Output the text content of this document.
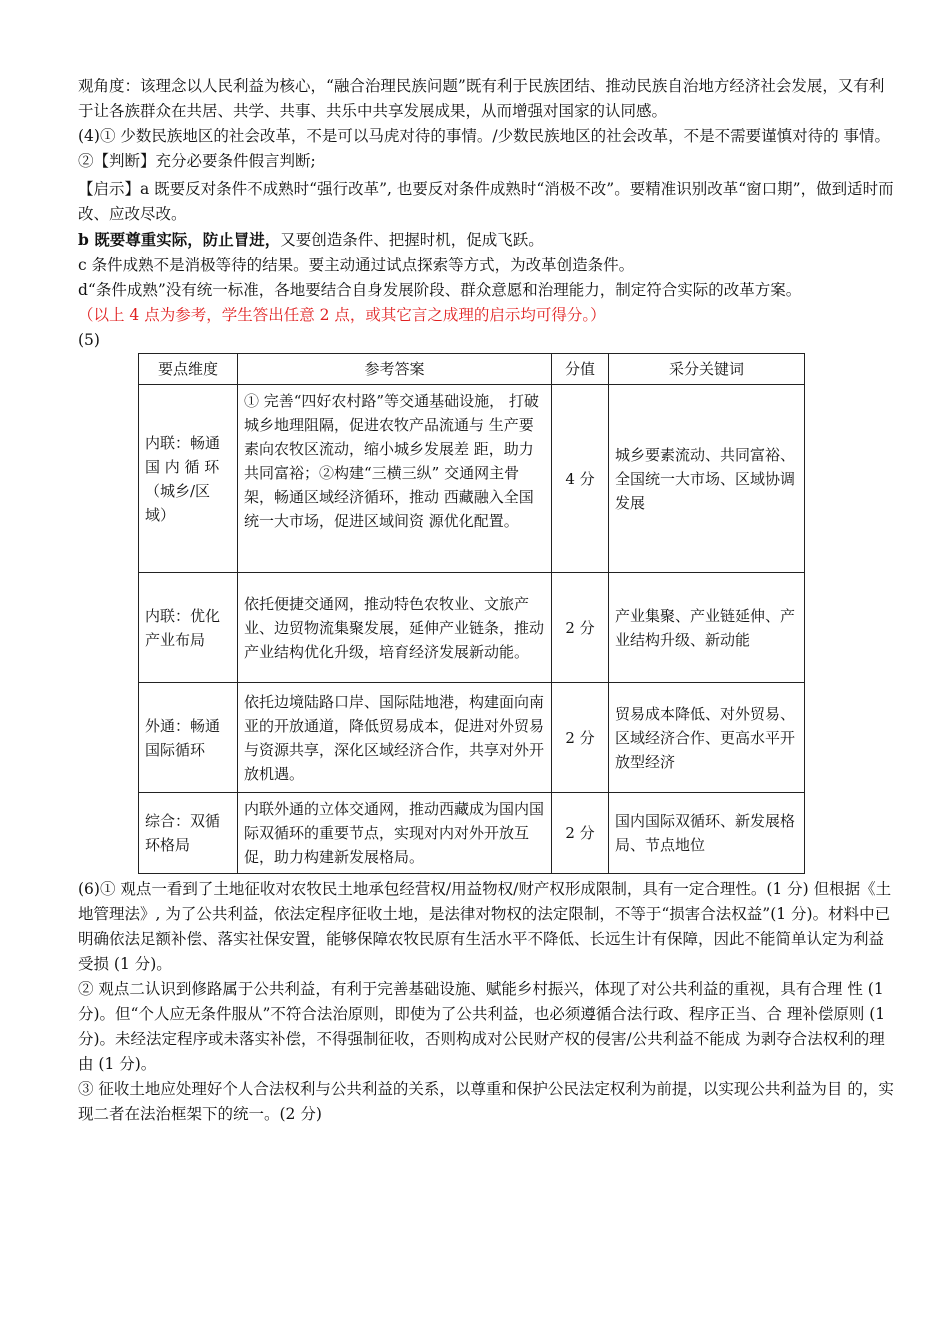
观角度：该理念以人民利益为核心，“融合治理民族问题”既有利于民族团结、推动民族自治地方经济社会发展，又有利于让各族群众在共居、共学、共事、共乐中共享发展成果，从而增强对国家的认同感。

(4)① 少数民族地区的社会改革，不是可以马虎对待的事情。/少数民族地区的社会改革，不是不需要谨慎对待的 事情。

②【判断】充分必要条件假言判断;

【启示】a 既要反对条件不成熟时“强行改革”, 也要反对条件成熟时“消极不改”。要精准识别改革“窗口期”，做到适时而改、应改尽改。

b 既要尊重实际，防止冒进，又要创造条件、把握时机，促成飞跃。

c 条件成熟不是消极等待的结果。要主动通过试点探索等方式，为改革创造条件。

d“条件成熟”没有统一标准，各地要结合自身发展阶段、群众意愿和治理能力，制定符合实际的改革方案。

（以上 4 点为参考，学生答出任意 2 点，或其它言之成理的启示均可得分。）

(5)

要点维度	参考答案	分值	采分关键词
内联：畅通国 内 循 环 （城乡/区 域）	① 完善“四好农村路”等交通基础设施， 打破城乡地理阻隔，促进农牧产品流通与 生产要素向农牧区流动，缩小城乡发展差 距，助力共同富裕；②构建“三横三纵” 交通网主骨架，畅通区域经济循环，推动 西藏融入全国统一大市场，促进区域间资 源优化配置。	4 分	城乡要素流动、共同富裕、全国统一大市场、区域协调发展
内联：优化产业布局	依托便捷交通网，推动特色农牧业、文旅产业、边贸物流集聚发展，延伸产业链条，推动产业结构优化升级，培育经济发展新动能。	2 分	产业集聚、产业链延伸、产业结构升级、新动能
外通：畅通国际循环	依托边境陆路口岸、国际陆地港，构建面向南亚的开放通道，降低贸易成本，促进对外贸易与资源共享，深化区域经济合作，共享对外开放机遇。	2 分	贸易成本降低、对外贸易、区域经济合作、更高水平开放型经济
综合：双循环格局	内联外通的立体交通网，推动西藏成为国内国际双循环的重要节点，实现对内对外开放互促，助力构建新发展格局。	2 分	国内国际双循环、新发展格局、节点地位

(6)① 观点一看到了土地征收对农牧民土地承包经营权/用益物权/财产权形成限制，具有一定合理性。(1 分) 但根据《土地管理法》, 为了公共利益，依法定程序征收土地，是法律对物权的法定限制，不等于“损害合法权益”(1 分)。材料中已明确依法足额补偿、落实社保安置，能够保障农牧民原有生活水平不降低、长远生计有保障，因此不能简单认定为利益受损 (1 分)。

② 观点二认识到修路属于公共利益，有利于完善基础设施、赋能乡村振兴，体现了对公共利益的重视，具有合理 性 (1 分)。但“个人应无条件服从”不符合法治原则，即使为了公共利益，也必须遵循合法行政、程序正当、合 理补偿原则 (1 分)。未经法定程序或未落实补偿，不得强制征收，否则构成对公民财产权的侵害/公共利益不能成 为剥夺合法权利的理由 (1 分)。

③ 征收土地应处理好个人合法权利与公共利益的关系，以尊重和保护公民法定权利为前提，以实现公共利益为目 的，实现二者在法治框架下的统一。(2 分)
